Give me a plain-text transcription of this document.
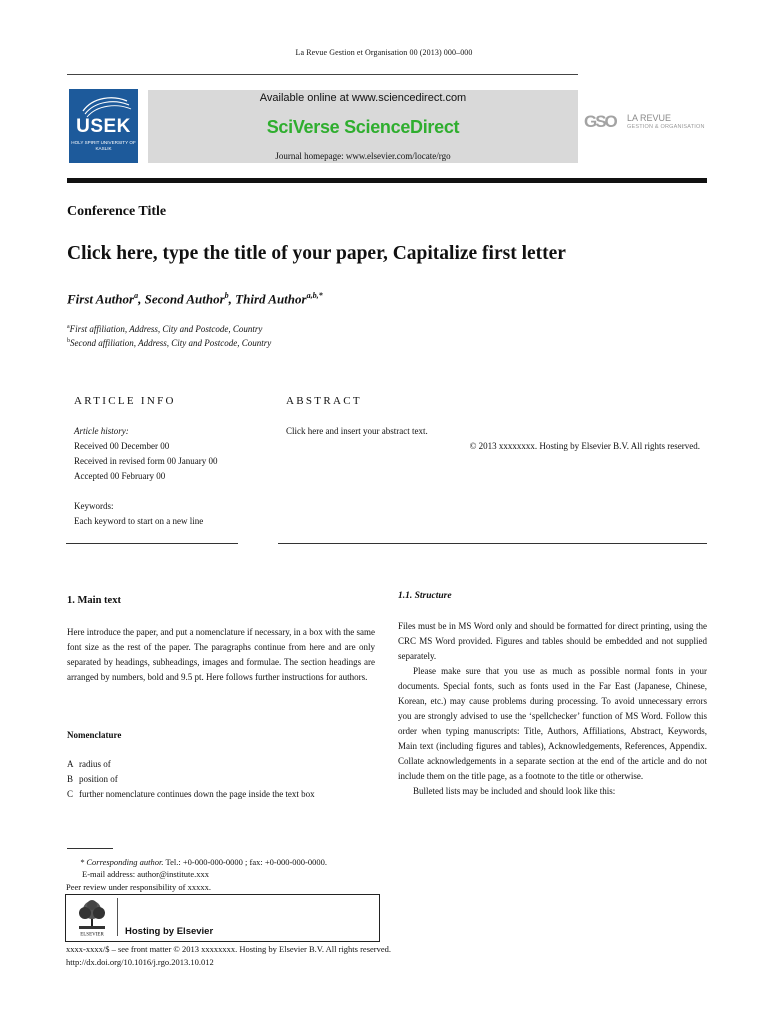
La Revue Gestion et Organisation 00 (2013) 000–000
USEK
HOLY SPIRIT UNIVERSITY OF KASLIK
Available online at www.sciencedirect.com
SciVerse ScienceDirect
Journal homepage: www.elsevier.com/locate/rgo
GSO LA REVUE
GESTION & ORGANISATION
Conference Title
Click here, type the title of your paper, Capitalize first letter
First Author$^a$, Second Author$^b$, Third Author$^{a,b,*}$
$^a$First affiliation, Address, City and Postcode, Country
$^b$Second affiliation, Address, City and Postcode, Country
ARTICLE INFO
Article history:
Received 00 December 00
Received in revised form 00 January 00
Accepted 00 February 00
Keywords:
Each keyword to start on a new line
ABSTRACT
Click here and insert your abstract text.
© 2013 xxxxxxxx. Hosting by Elsevier B.V. All rights reserved.
1. Main text
Here introduce the paper, and put a nomenclature if necessary, in a box with the same font size as the rest of the paper. The paragraphs continue from here and are only separated by headings, subheadings, images and formulae. The section headings are arranged by numbers, bold and 9.5 pt. Here follows further instructions for authors.
Nomenclature
A radius of
B position of
C further nomenclature continues down the page inside the text box
1.1. Structure
Files must be in MS Word only and should be formatted for direct printing, using the CRC MS Word provided. Figures and tables should be embedded and not supplied separately.
Please make sure that you use as much as possible normal fonts in your documents. Special fonts, such as fonts used in the Far East (Japanese, Chinese, Korean, etc.) may cause problems during processing. To avoid unnecessary errors you are strongly advised to use the ‘spellchecker’ function of MS Word. Follow this order when typing manuscripts: Title, Authors, Affiliations, Abstract, Keywords, Main text (including figures and tables), Acknowledgements, References, Appendix. Collate acknowledgements in a separate section at the end of the article and do not include them on the title page, as a footnote to the title or otherwise.
Bulleted lists may be included and should look like this:
* Corresponding author. Tel.: +0-000-000-0000 ; fax: +0-000-000-0000.
E-mail address: author@institute.xxx
Peer review under responsibility of xxxxx.
ELSEVIER Hosting by Elsevier
xxxx-xxxx/$ – see front matter © 2013 xxxxxxxx. Hosting by Elsevier B.V. All rights reserved.
http://dx.doi.org/10.1016/j.rgo.2013.10.012
